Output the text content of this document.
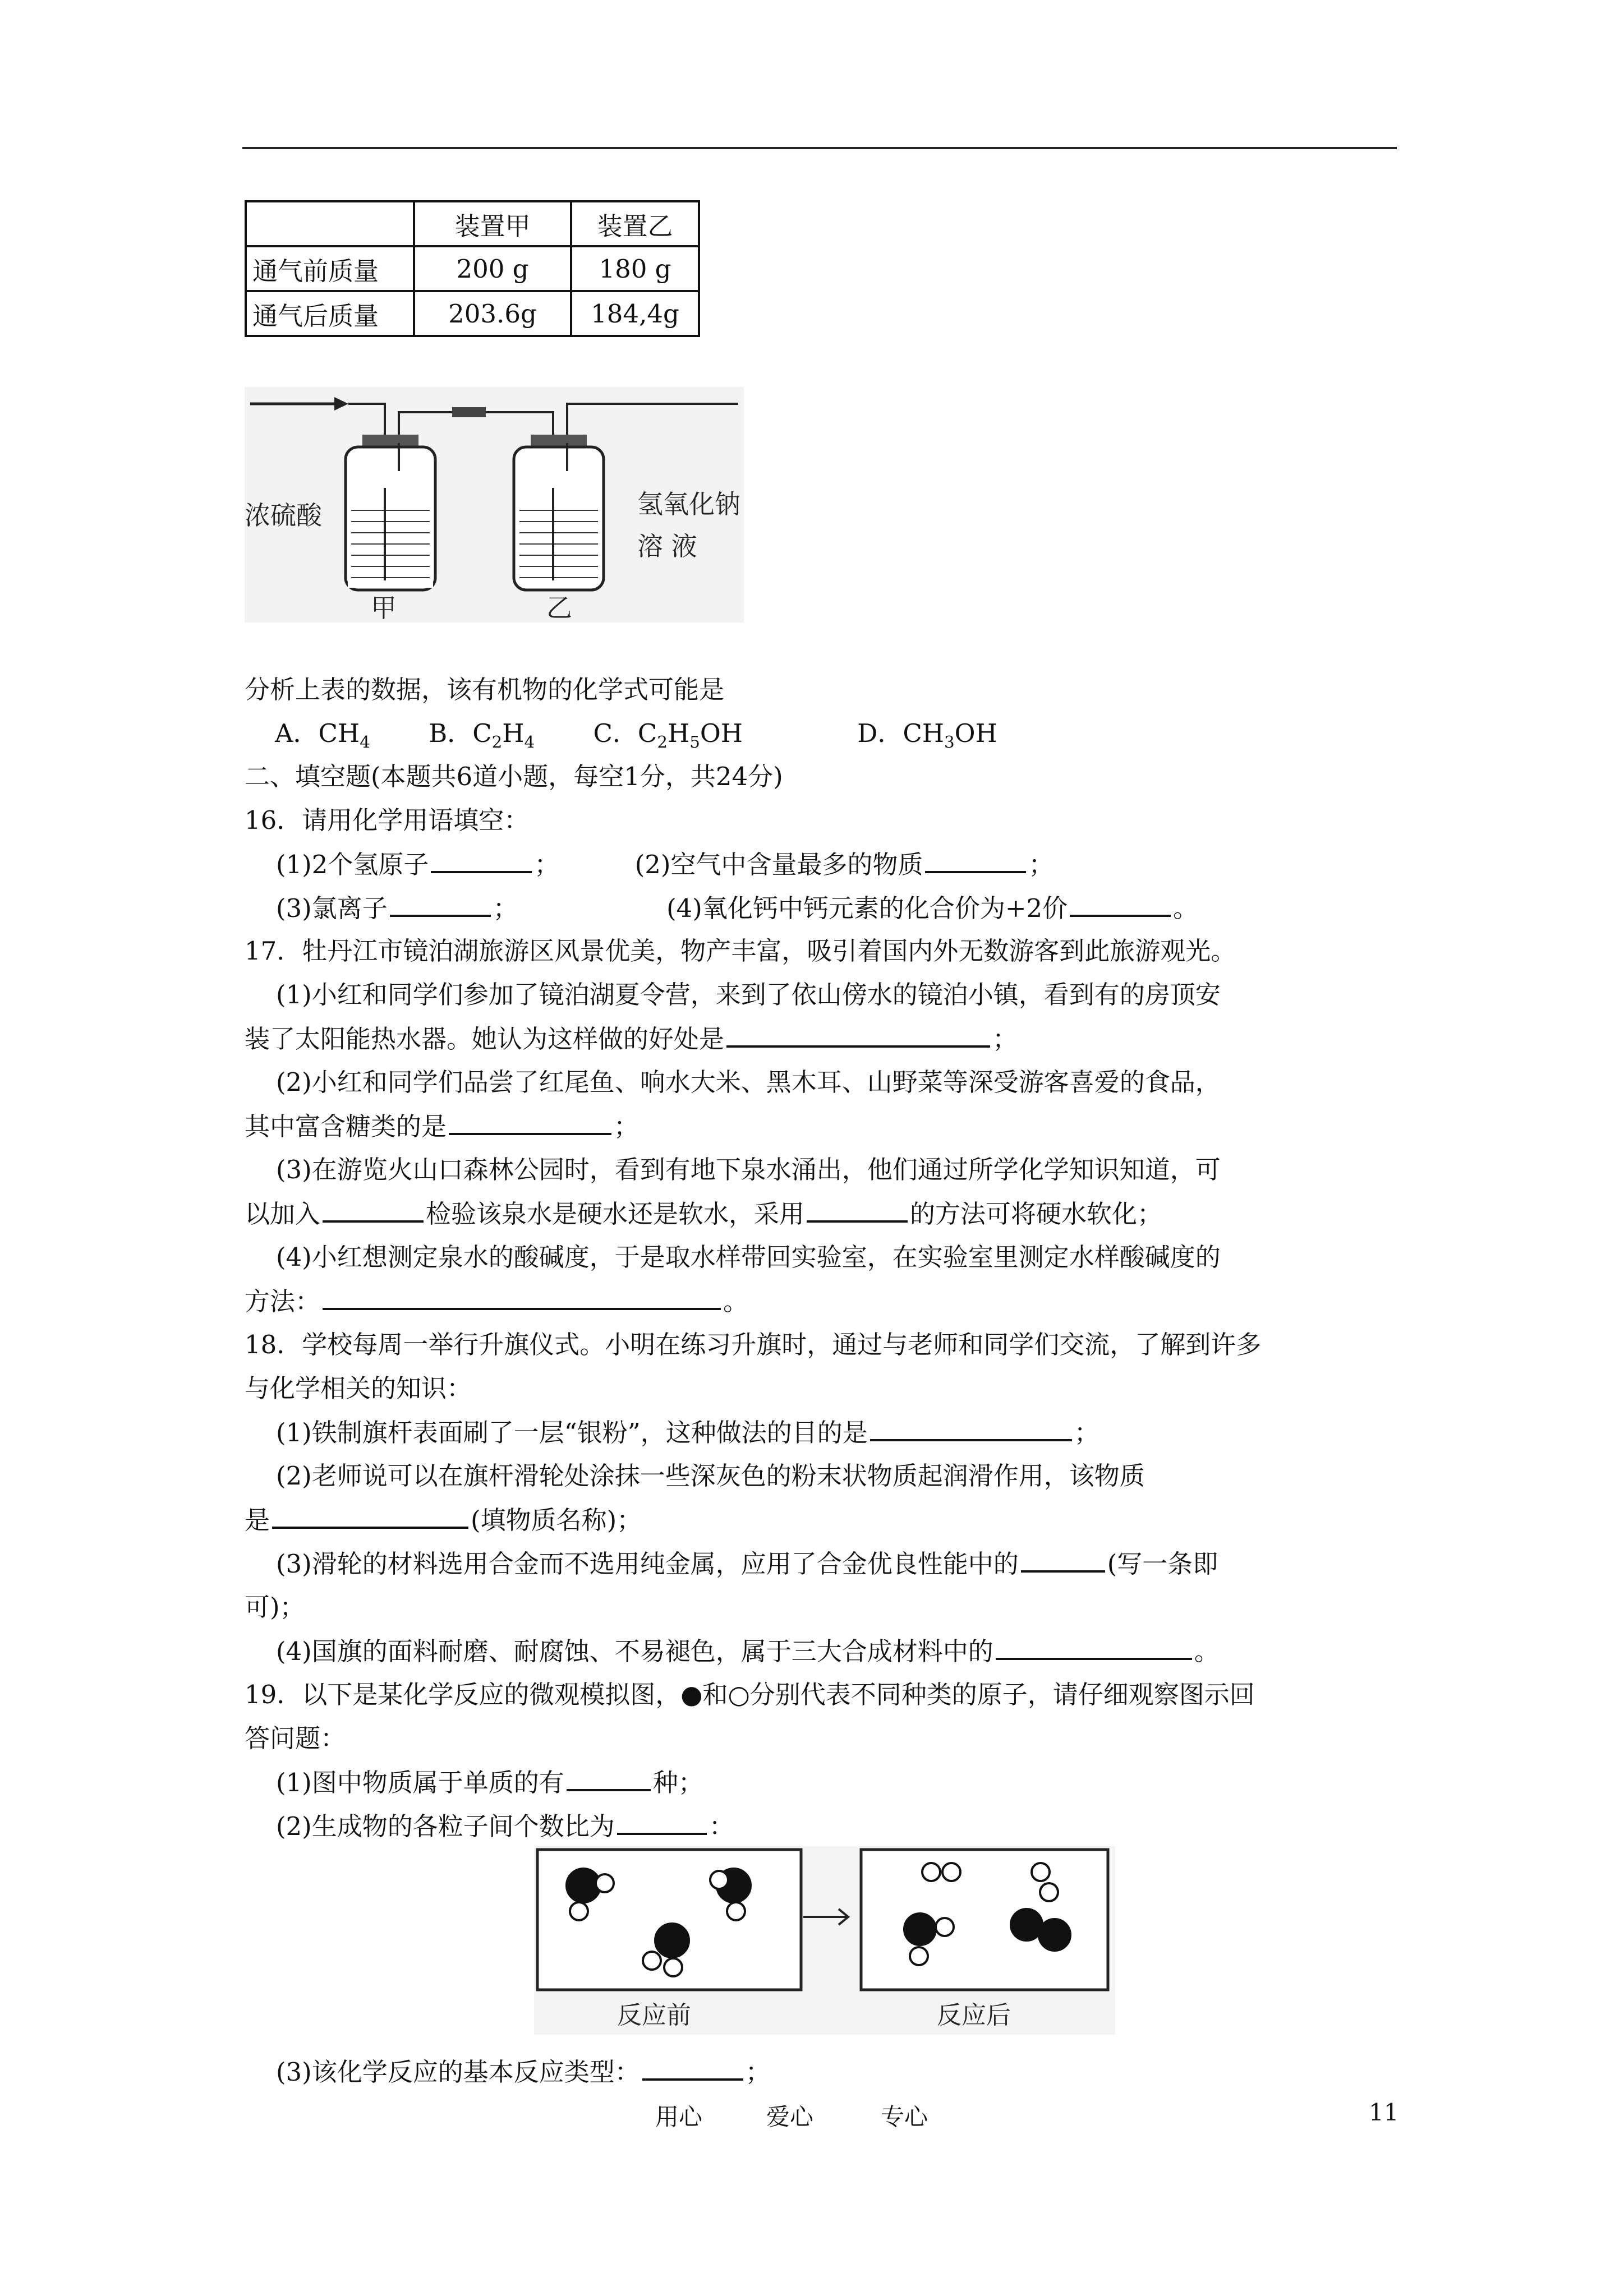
	装置甲	装置乙
通气前质量	200 g	180 g
通气后质量	203.6g	184,4g
浓硫酸	氢氧化钠
溶 液
甲	乙
分析上表的数据，该有机物的化学式可能是
A．$CH_4$ B．$C_2H_4$ C．$C_2H_5OH$	D．$CH_3OH$
二、填空题(本题共6道小题，每空1分，共24分)
16．请用化学用语填空：
(1)2个氢原子	；	(2)空气中含量最多的物质	；
(3)氯离子	；	(4)氧化钙中钙元素的化合价为+2价	。
17．牡丹江市镜泊湖旅游区风景优美，物产丰富，吸引着国内外无数游客到此旅游观光。
(1)小红和同学们参加了镜泊湖夏令营，来到了依山傍水的镜泊小镇，看到有的房顶安
装了太阳能热水器。她认为这样做的好处是	；
(2)小红和同学们品尝了红尾鱼、响水大米、黑木耳、山野菜等深受游客喜爱的食品，
其中富含糖类的是	；
(3)在游览火山口森林公园时，看到有地下泉水涌出，他们通过所学化学知识知道，可
以加入	检验该泉水是硬水还是软水，采用	的方法可将硬水软化；
(4)小红想测定泉水的酸碱度，于是取水样带回实验室，在实验室里测定水样酸碱度的
方法：	。
18．学校每周一举行升旗仪式。小明在练习升旗时，通过与老师和同学们交流，了解到许多
与化学相关的知识：
(1)铁制旗杆表面刷了一层“银粉”，这种做法的目的是	；
(2)老师说可以在旗杆滑轮处涂抹一些深灰色的粉末状物质起润滑作用，该物质
是	(填物质名称)；
(3)滑轮的材料选用合金而不选用纯金属，应用了合金优良性能中的	(写一条即
可)；
(4)国旗的面料耐磨、耐腐蚀、不易褪色，属于三大合成材料中的	。
19．以下是某化学反应的微观模拟图，●和○分别代表不同种类的原子，请仔细观察图示回
答问题：
(1)图中物质属于单质的有	种；
(2)生成物的各粒子间个数比为	：
反应前	反应后
(3)该化学反应的基本反应类型：	；
用心	爱心	专心	11
